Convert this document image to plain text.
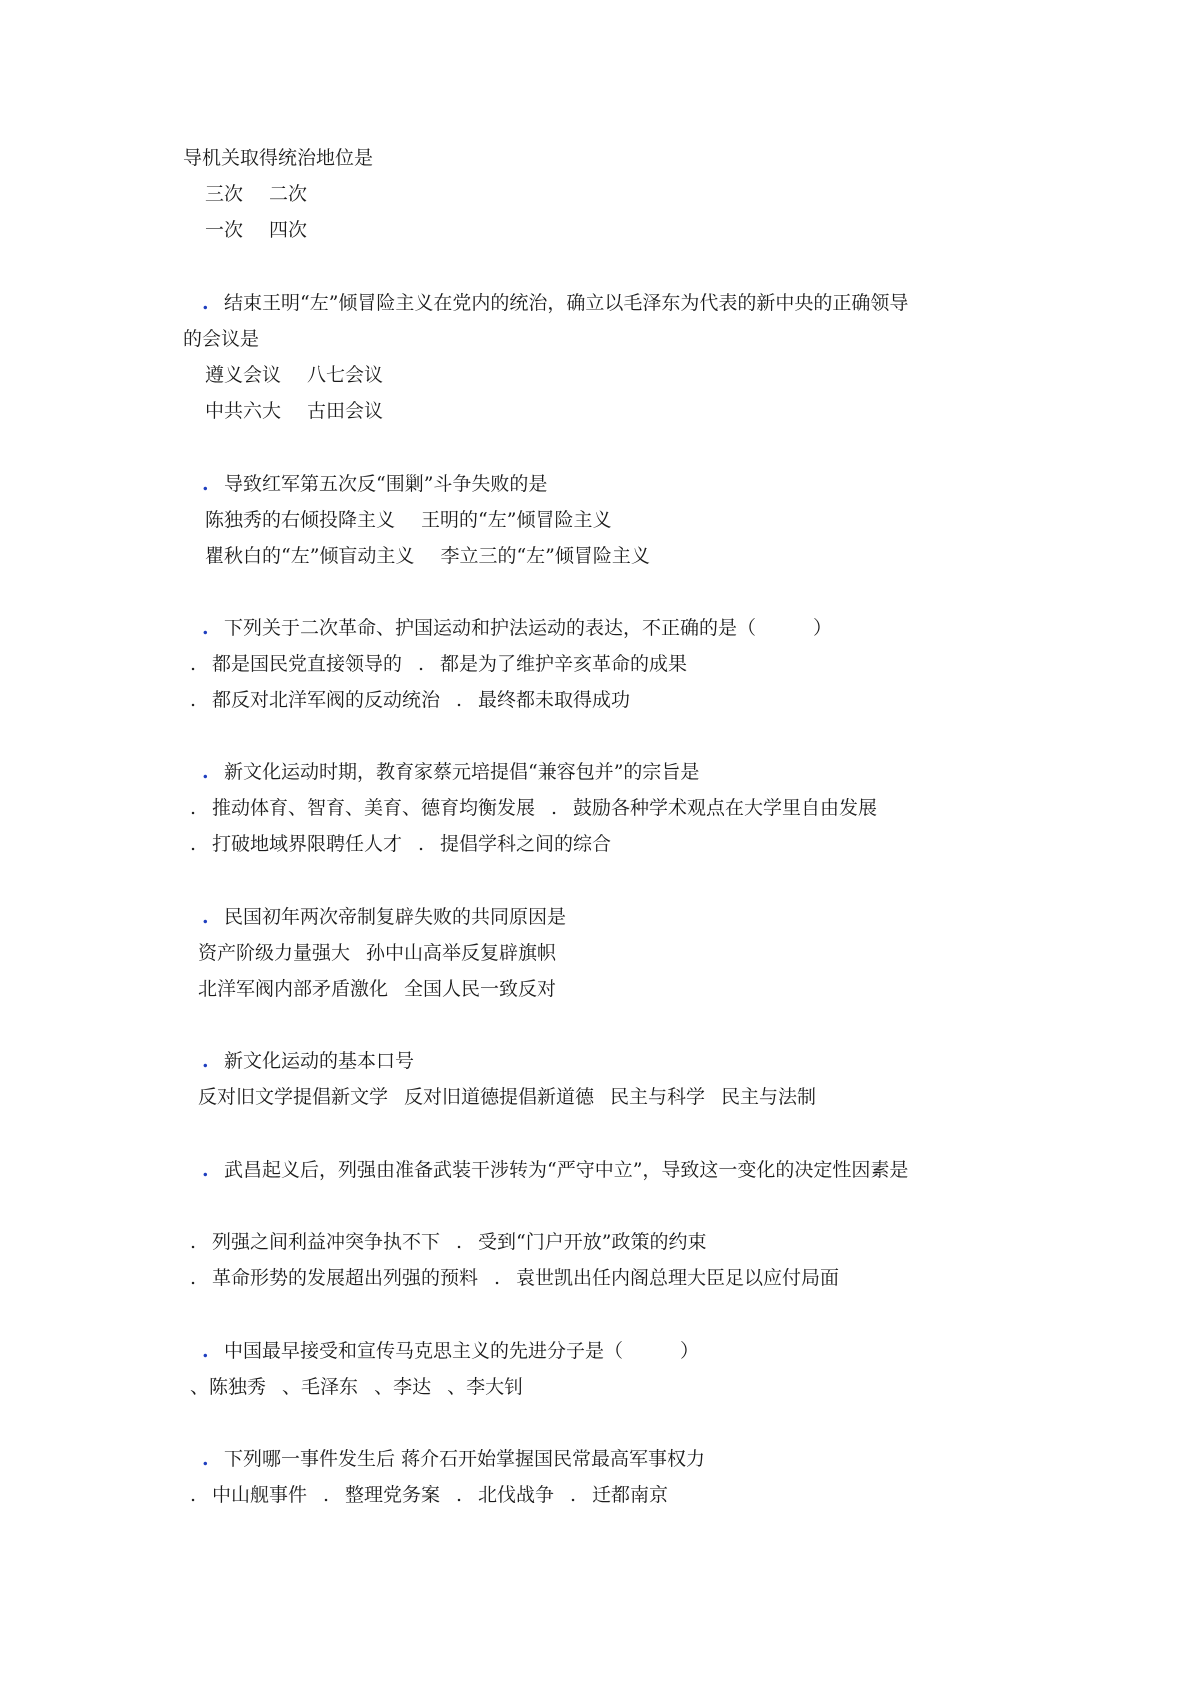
导机关取得统治地位是
三次 二次
一次 四次
. 结束王明“左”倾冒险主义在党内的统治，确立以毛泽东为代表的新中央的正确领导
的会议是
遵义会议 八七会议
中共六大 古田会议
. 导致红军第五次反“围剿”斗争失败的是
陈独秀的右倾投降主义 王明的“左”倾冒险主义
瞿秋白的“左”倾盲动主义 李立三的“左”倾冒险主义
. 下列关于二次革命、护国运动和护法运动的表达，不正确的是（　　　）
. 都是国民党直接领导的 . 都是为了维护辛亥革命的成果
. 都反对北洋军阀的反动统治 . 最终都未取得成功
. 新文化运动时期，教育家蔡元培提倡“兼容包并”的宗旨是
. 推动体育、智育、美育、德育均衡发展 . 鼓励各种学术观点在大学里自由发展
. 打破地域界限聘任人才 . 提倡学科之间的综合
. 民国初年两次帝制复辟失败的共同原因是
资产阶级力量强大 孙中山高举反复辟旗帜
北洋军阀内部矛盾激化 全国人民一致反对
. 新文化运动的基本口号
反对旧文学提倡新文学 反对旧道德提倡新道德 民主与科学 民主与法制
. 武昌起义后，列强由准备武装干涉转为“严守中立”，导致这一变化的决定性因素是
. 列强之间利益冲突争执不下 . 受到“门户开放”政策的约束
. 革命形势的发展超出列强的预料 . 袁世凯出任内阁总理大臣足以应付局面
. 中国最早接受和宣传马克思主义的先进分子是（　　　）
、陈独秀 、毛泽东 、李达 、李大钊
. 下列哪一事件发生后 蒋介石开始掌握国民常最高军事权力
. 中山舰事件 . 整理党务案 . 北伐战争 . 迁都南京
